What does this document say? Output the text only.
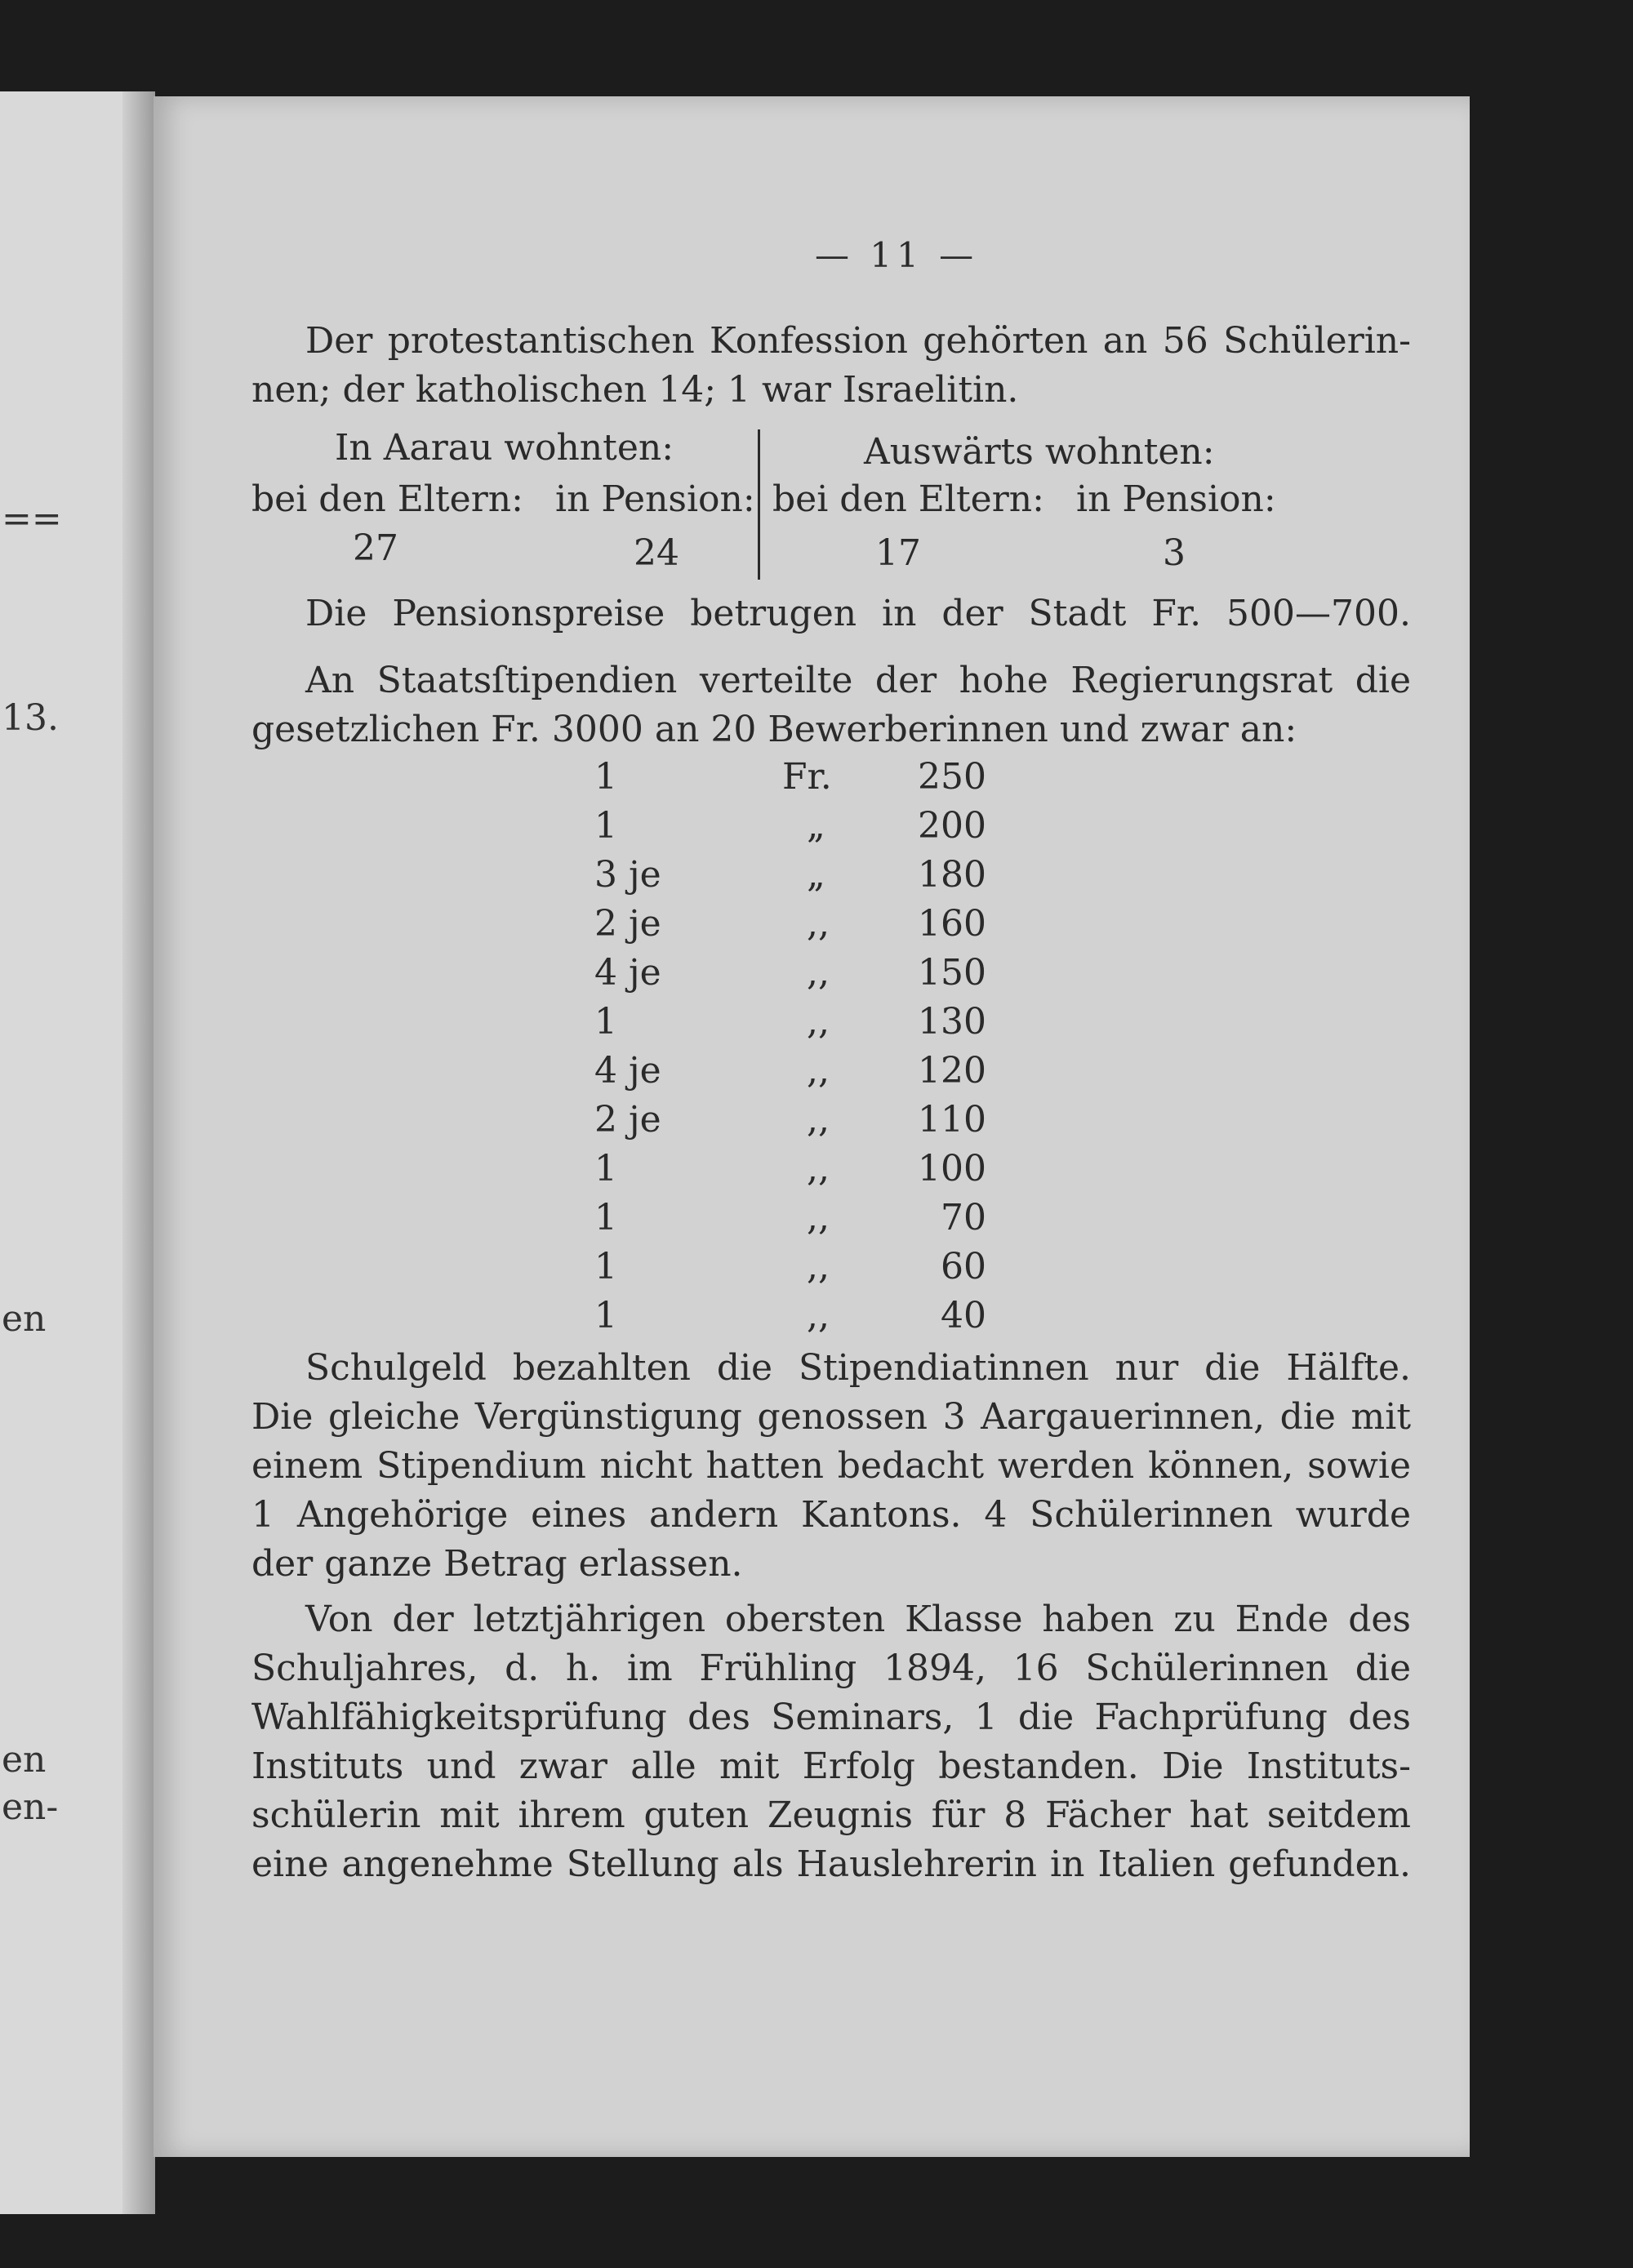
==
13.
en
en
en-
— 11 —
Der protestantischen Konfession gehörten an 56 Schülerin-
nen; der katholischen 14; 1 war Israelitin.
In Aarau wohnten:	Auswärts wohnten:
bei den Eltern: in Pension: bei den Eltern: in Pension:
27	24	17	3
Die Pensionspreise betrugen in der Stadt Fr. 500—700.
An Staatsſtipendien verteilte der hohe Regierungsrat die
gesetzlichen Fr. 3000 an 20 Bewerberinnen und zwar an:
1	Fr.	250
1	„	200
3 je	„	180
2 je	,,	160
4 je	,,	150
1	,,	130
4 je	,,	120
2 je	,,	110
1	,,	100
1	,,	70
1	,,	60
1	,,	40
Schulgeld bezahlten die Stipendiatinnen nur die Hälfte.
Die gleiche Vergünstigung genossen 3 Aargauerinnen, die mit
einem Stipendium nicht hatten bedacht werden können, sowie
1 Angehörige eines andern Kantons. 4 Schülerinnen wurde
der ganze Betrag erlassen.
Von der letztjährigen obersten Klasse haben zu Ende des
Schuljahres, d. h. im Frühling 1894, 16 Schülerinnen die
Wahlfähigkeitsprüfung des Seminars, 1 die Fachprüfung des
Instituts und zwar alle mit Erfolg bestanden. Die Instituts-
schülerin mit ihrem guten Zeugnis für 8 Fächer hat seitdem
eine angenehme Stellung als Hauslehrerin in Italien gefunden.
